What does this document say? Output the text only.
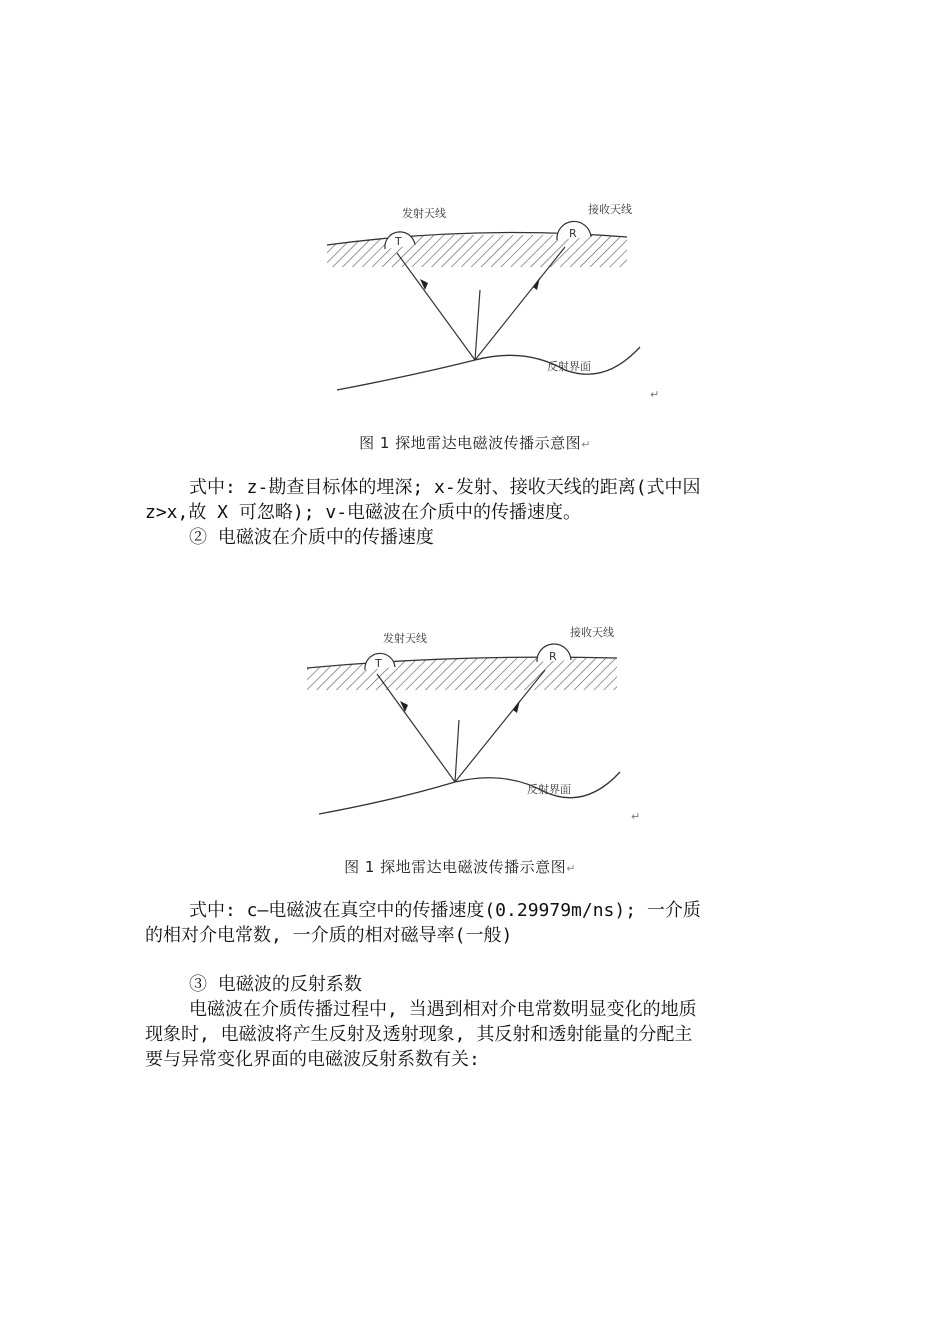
T
R
发射天线	接收天线
反射界面
↵
图 1 探地雷达电磁波传播示意图↵
式中: z-勘查目标体的埋深; x-发射、接收天线的距离(式中因
z>x,故 X 可忽略); v-电磁波在介质中的传播速度。
② 电磁波在介质中的传播速度
T
R
发射天线	接收天线
反射界面
↵
图 1 探地雷达电磁波传播示意图↵
式中: c—电磁波在真空中的传播速度(0.29979m/ns); 一介质
的相对介电常数, 一介质的相对磁导率(一般)
③ 电磁波的反射系数
电磁波在介质传播过程中, 当遇到相对介电常数明显变化的地质
现象时, 电磁波将产生反射及透射现象, 其反射和透射能量的分配主
要与异常变化界面的电磁波反射系数有关:
